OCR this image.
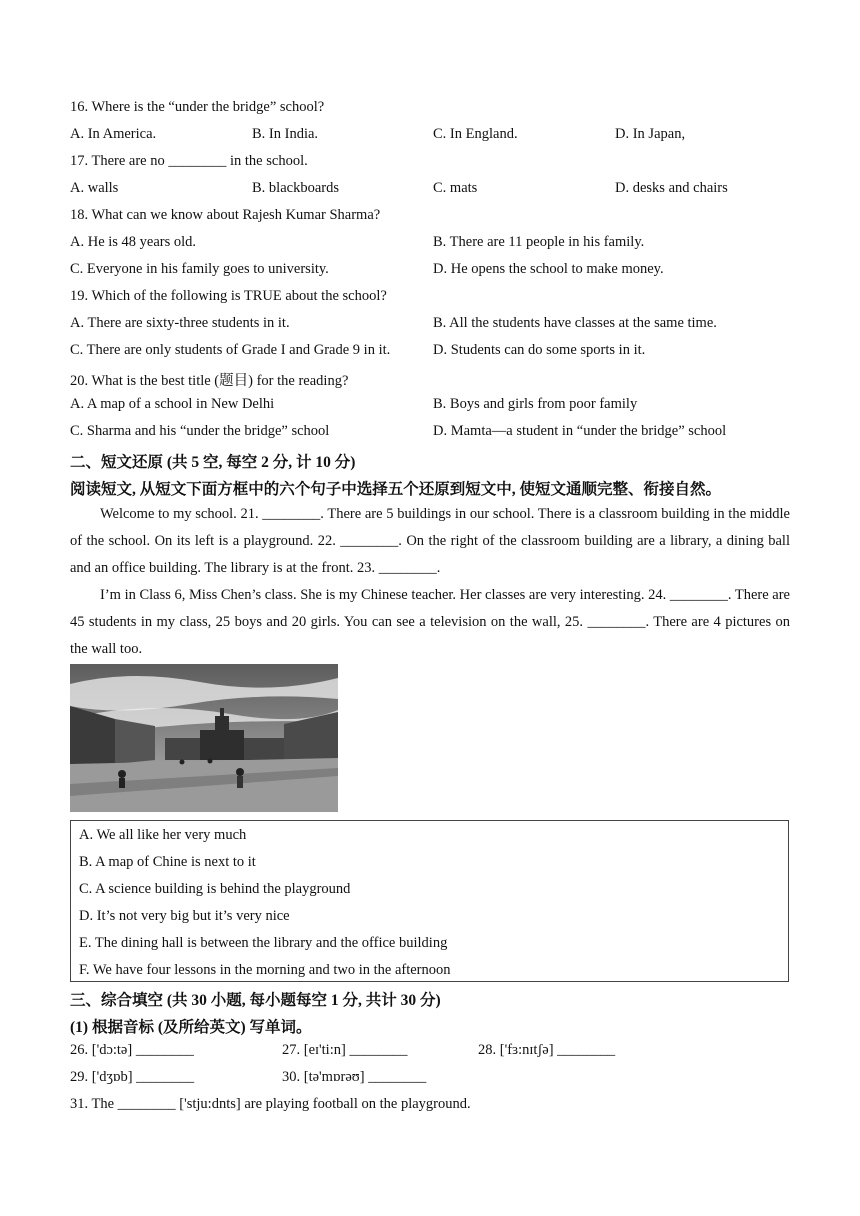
16. Where is the “under the bridge” school?
A. In America.	B. In India.	C. In England.	D. In Japan,
17. There are no ________ in the school.
A. walls	B. blackboards	C. mats	D. desks and chairs
18. What can we know about Rajesh Kumar Sharma?
A. He is 48 years old.	B. There are 11 people in his family.
C. Everyone in his family goes to university.	D. He opens the school to make money.
19. Which of the following is TRUE about the school?
A. There are sixty-three students in it.	B. All the students have classes at the same time.
C. There are only students of Grade I and Grade 9 in it.	D. Students can do some sports in it.
20. What is the best title (题目) for the reading?
A. A map of a school in New Delhi	B. Boys and girls from poor family
C. Sharma and his “under the bridge” school	D. Mamta—a student in “under the bridge” school
二、短文还原 (共 5 空, 每空 2 分, 计 10 分)
阅读短文, 从短文下面方框中的六个句子中选择五个还原到短文中, 使短文通顺完整、衔接自然。
Welcome to my school. 21. ________. There are 5 buildings in our school. There is a classroom building in the middle of the school. On its left is a playground. 22. ________. On the right of the classroom building are a library, a dining ball and an office building. The library is at the front. 23. ________.
I’m in Class 6, Miss Chen’s class. She is my Chinese teacher. Her classes are very interesting. 24. ________. There are 45 students in my class, 25 boys and 20 girls. You can see a television on the wall, 25. ________. There are 4 pictures on the wall too.
A. We all like her very much
B. A map of Chine is next to it
C. A science building is behind the playground
D. It’s not very big but it’s very nice
E. The dining hall is between the library and the office building
F. We have four lessons in the morning and two in the afternoon
三、综合填空 (共 30 小题, 每小题每空 1 分, 共计 30 分)
(1) 根据音标 (及所给英文) 写单词。
26. ['dɔ:tə] ________	27. [eɪ'ti:n] ________	28. ['fɜ:nɪtʃə] ________
29. ['dʒɒb] ________	30. [tə'mɒrəʊ] ________
31. The ________ ['stju:dnts] are playing football on the playground.
